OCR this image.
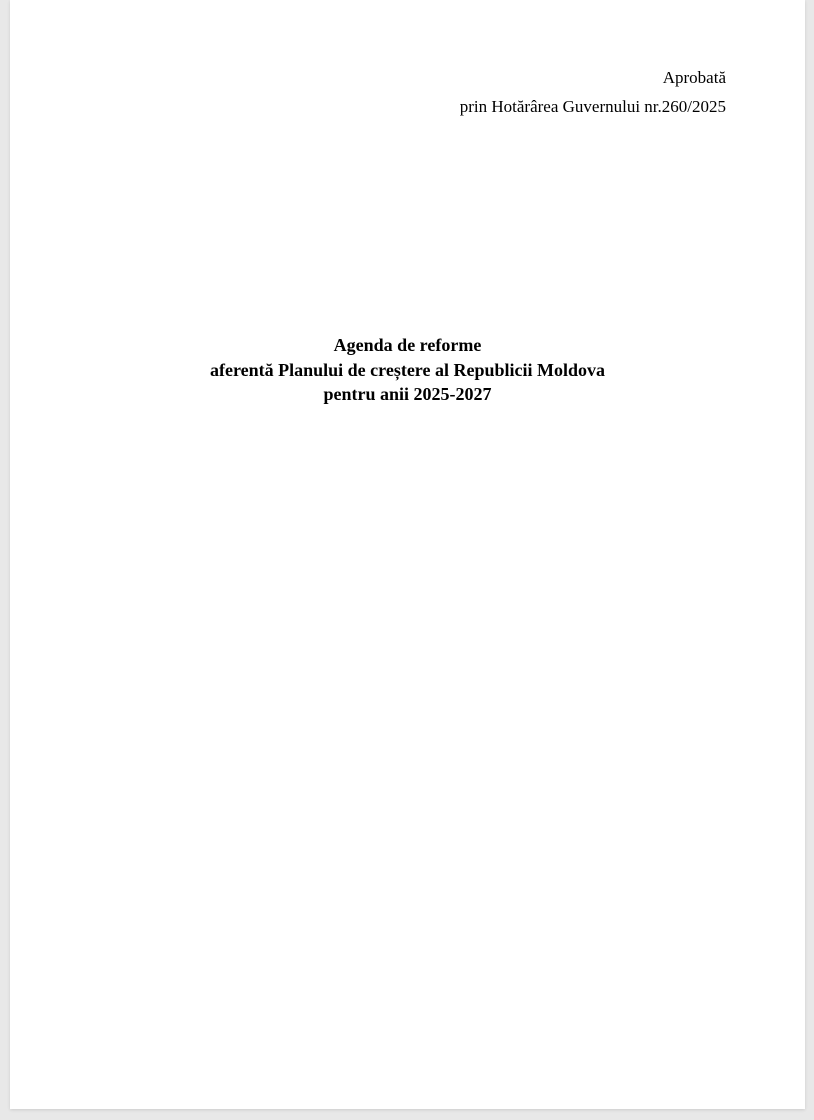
Aprobată
prin Hotărârea Guvernului nr.260/2025
Agenda de reforme
aferentă Planului de creștere al Republicii Moldova
pentru anii 2025-2027
